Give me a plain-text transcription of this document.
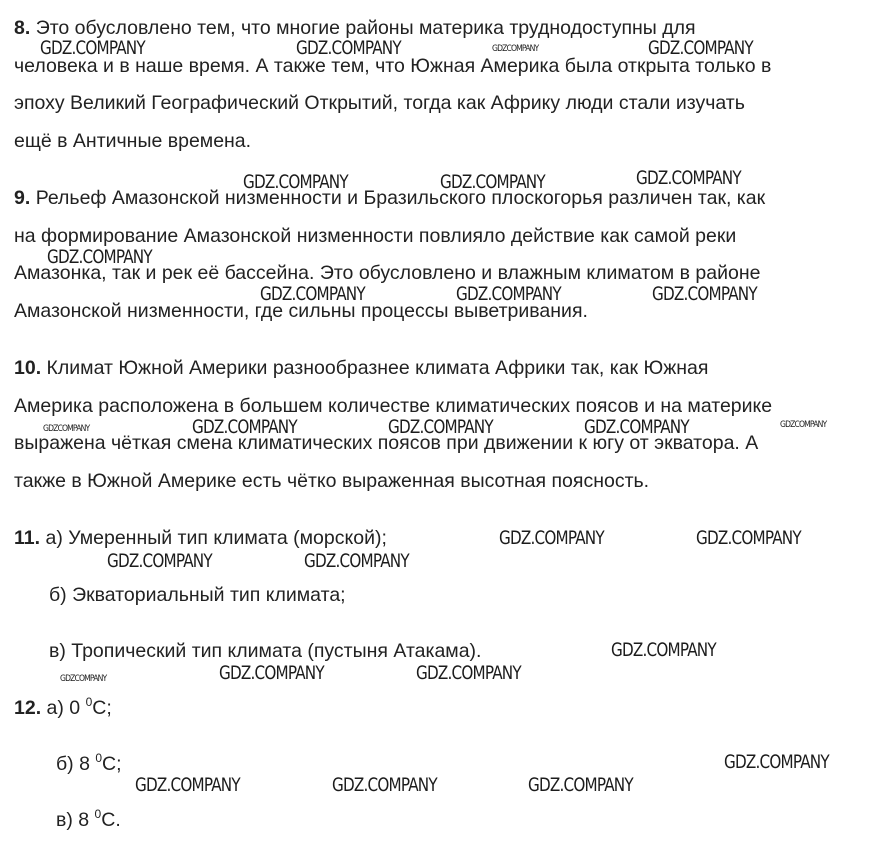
8. Это обусловлено тем, что многие районы материка труднодоступны для
человека и в наше время. А также тем, что Южная Америка была открыта только в
эпоху Великий Географический Открытий, тогда как Африку люди стали изучать
ещё в Античные времена.
9. Рельеф Амазонской низменности и Бразильского плоскогорья различен так, как
на формирование Амазонской низменности повлияло действие как самой реки
Амазонка, так и рек её бассейна. Это обусловлено и влажным климатом в районе
Амазонской низменности, где сильны процессы выветривания.
10. Климат Южной Америки разнообразнее климата Африки так, как Южная
Америка расположена в большем количестве климатических поясов и на материке
выражена чёткая смена климатических поясов при движении к югу от экватора. А
также в Южной Америке есть чётко выраженная высотная поясность.
11. а) Умеренный тип климата (морской);
б) Экваториальный тип климата;
в) Тропический тип климата (пустыня Атакама).
12. а) 0 $^0$С;
б) 8 $^0$С;
в) 8 $^0$С.
GDZ.COMPANY	GDZ.COMPANY	GDZCOMPANY	GDZ.COMPANY
GDZ.COMPANY	GDZ.COMPANY	GDZ.COMPANY
GDZ.COMPANY
GDZ.COMPANY	GDZ.COMPANY	GDZ.COMPANY
GDZCOMPANY	GDZ.COMPANY	GDZ.COMPANY	GDZ.COMPANY	GDZCOMPANY
GDZ.COMPANY	GDZ.COMPANY
GDZ.COMPANY	GDZ.COMPANY
GDZ.COMPANY
GDZCOMPANY	GDZ.COMPANY	GDZ.COMPANY
GDZ.COMPANY
GDZ.COMPANY	GDZ.COMPANY	GDZ.COMPANY
